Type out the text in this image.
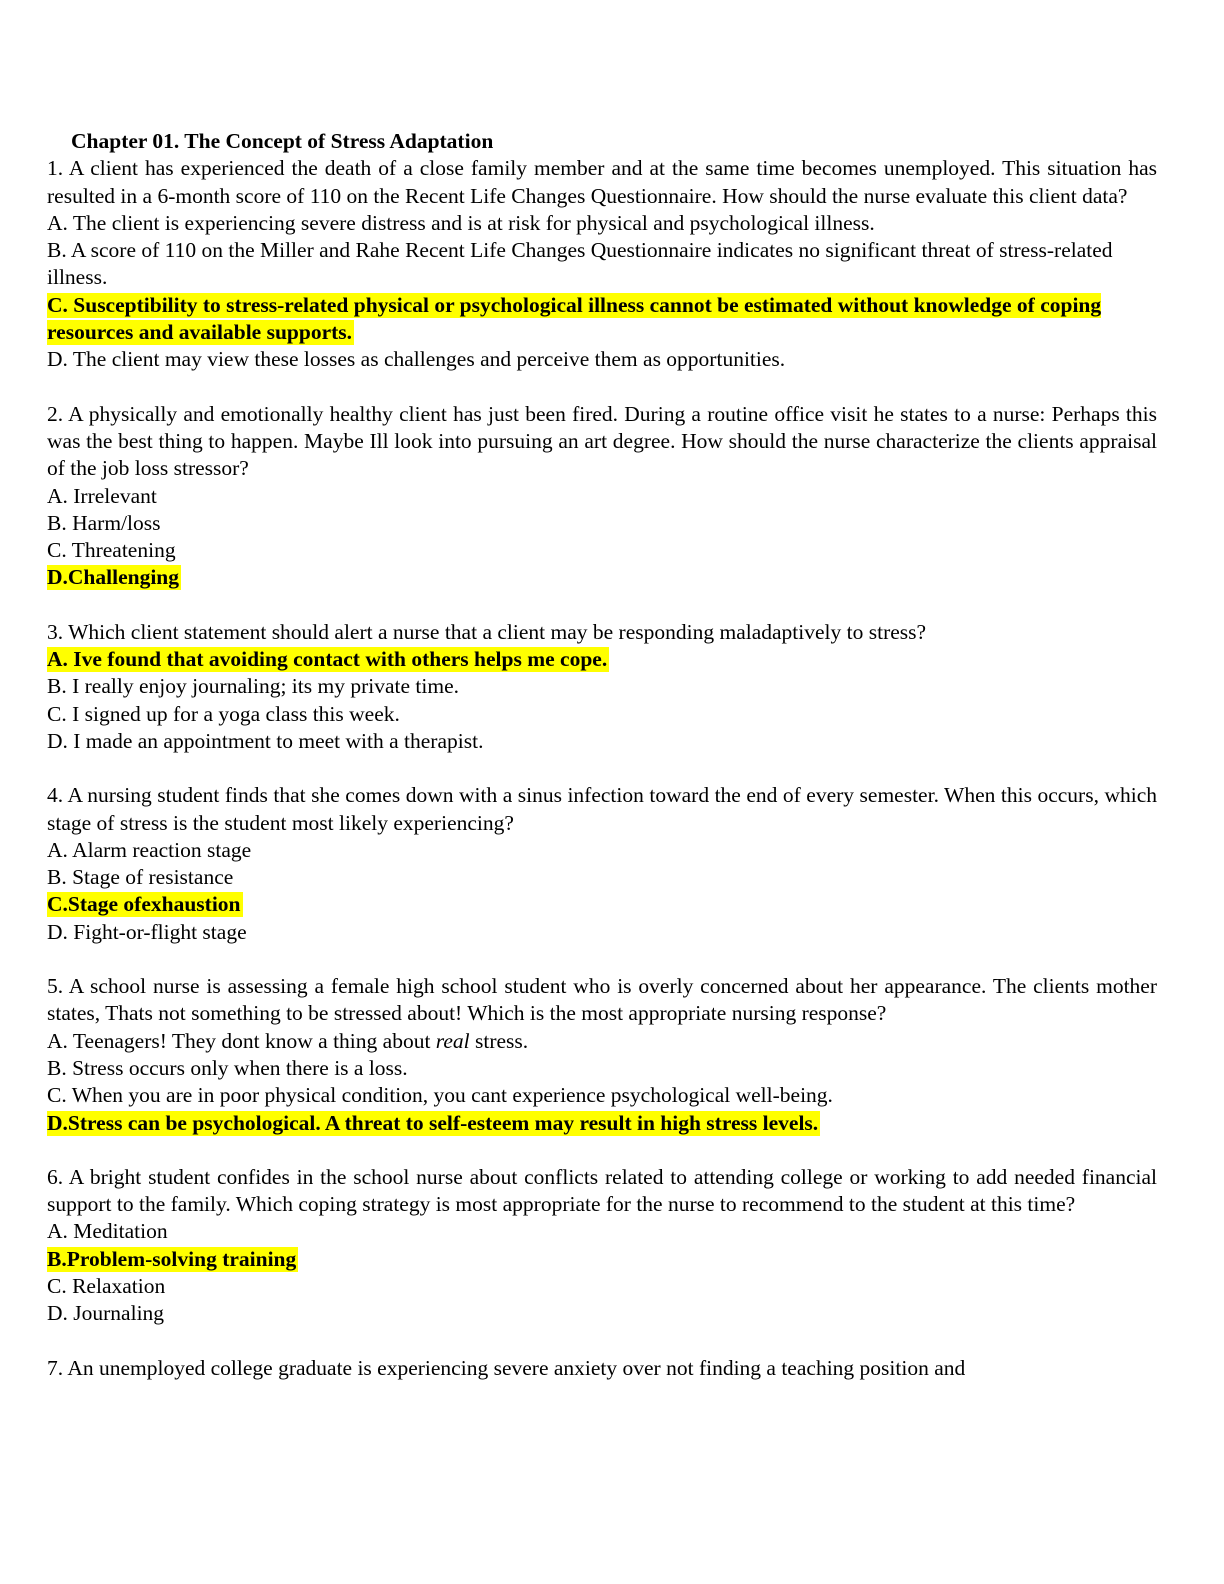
Chapter 01. The Concept of Stress Adaptation

1. A client has experienced the death of a close family member and at the same time becomes unemployed. This situation has resulted in a 6-month score of 110 on the Recent Life Changes Questionnaire. How should the nurse evaluate this client data?

A. The client is experiencing severe distress and is at risk for physical and psychological illness.

B. A score of 110 on the Miller and Rahe Recent Life Changes Questionnaire indicates no significant threat of stress-related illness.

C. Susceptibility to stress-related physical or psychological illness cannot be estimated without knowledge of coping resources and available supports.

D. The client may view these losses as challenges and perceive them as opportunities.

2. A physically and emotionally healthy client has just been fired. During a routine office visit he states to a nurse: Perhaps this was the best thing to happen. Maybe Ill look into pursuing an art degree. How should the nurse characterize the clients appraisal of the job loss stressor?

A. Irrelevant

B. Harm/loss

C. Threatening

D.Challenging

3. Which client statement should alert a nurse that a client may be responding maladaptively to stress?

A. Ive found that avoiding contact with others helps me cope.

B. I really enjoy journaling; its my private time.

C. I signed up for a yoga class this week.

D. I made an appointment to meet with a therapist.

4. A nursing student finds that she comes down with a sinus infection toward the end of every semester. When this occurs, which stage of stress is the student most likely experiencing?

A. Alarm reaction stage

B. Stage of resistance

C.Stage ofexhaustion

D. Fight-or-flight stage

5. A school nurse is assessing a female high school student who is overly concerned about her appearance. The clients mother states, Thats not something to be stressed about! Which is the most appropriate nursing response?

A. Teenagers! They dont know a thing about real stress.

B. Stress occurs only when there is a loss.

C. When you are in poor physical condition, you cant experience psychological well-being.

D.Stress can be psychological. A threat to self-esteem may result in high stress levels.

6. A bright student confides in the school nurse about conflicts related to attending college or working to add needed financial support to the family. Which coping strategy is most appropriate for the nurse to recommend to the student at this time?

A. Meditation

B.Problem-solving training

C. Relaxation

D. Journaling

7. An unemployed college graduate is experiencing severe anxiety over not finding a teaching position and
